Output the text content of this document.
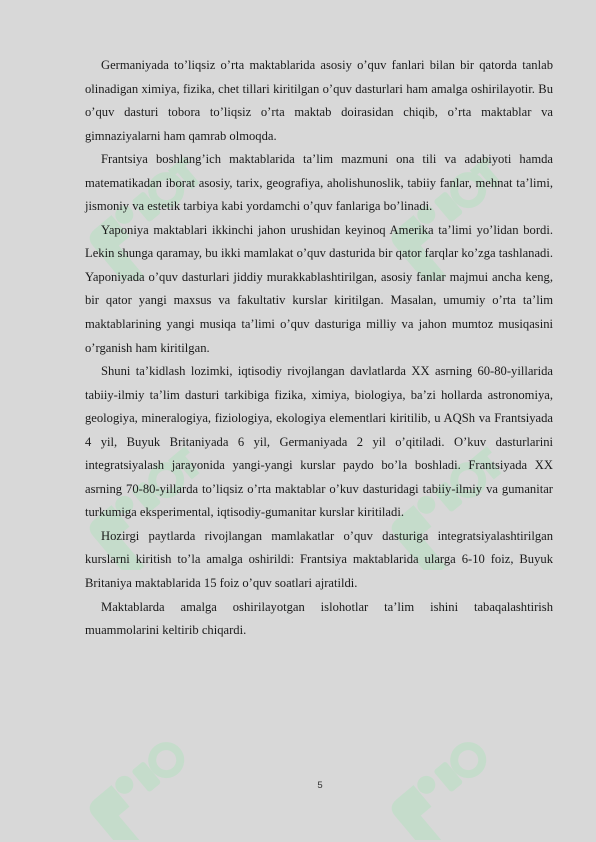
Germaniyada to’liqsiz o’rta maktablarida asosiy o’quv fanlari bilan bir qatorda tanlab olinadigan ximiya, fizika, chet tillari kiritilgan o’quv dasturlari ham amalga oshirilayotir. Bu o’quv dasturi tobora to’liqsiz o’rta maktab doirasidan chiqib, o’rta maktablar va gimnaziyalarni ham qamrab olmoqda.

Frantsiya boshlang’ich maktablarida ta’lim mazmuni ona tili va adabiyoti hamda matematikadan iborat asosiy, tarix, geografiya, aholishunoslik, tabiiy fanlar, mehnat ta’limi, jismoniy va estetik tarbiya kabi yordamchi o’quv fanlariga bo’linadi.

Yaponiya maktablari ikkinchi jahon urushidan keyinoq Amerika ta’limi yo’lidan bordi. Lekin shunga qaramay, bu ikki mamlakat o’quv dasturida bir qator farqlar ko’zga tashlanadi. Yaponiyada o’quv dasturlari jiddiy murakkablashtirilgan, asosiy fanlar majmui ancha keng, bir qator yangi maxsus va fakultativ kurslar kiritilgan. Masalan, umumiy o’rta ta’lim maktablarining yangi musiqa ta’limi o’quv dasturiga milliy va jahon mumtoz musiqasini o’rganish ham kiritilgan.

Shuni ta’kidlash lozimki, iqtisodiy rivojlangan davlatlarda XX asrning 60-80-yillarida tabiiy-ilmiy ta’lim dasturi tarkibiga fizika, ximiya, biologiya, ba’zi hollarda astronomiya, geologiya, mineralogiya, fiziologiya, ekologiya elementlari kiritilib, u AQSh va Frantsiyada 4 yil, Buyuk Britaniyada 6 yil, Germaniyada 2 yil o’qitiladi. O’kuv dasturlarini integratsiyalash jarayonida yangi-yangi kurslar paydo bo’la boshladi. Frantsiyada XX asrning 70-80-yillarda to’liqsiz o’rta maktablar o’kuv dasturidagi tabiiy-ilmiy va gumanitar turkumiga eksperimental, iqtisodiy-gumanitar kurslar kiritiladi.

Hozirgi paytlarda rivojlangan mamlakatlar o’quv dasturiga integratsiyalashtirilgan kurslarni kiritish to’la amalga oshirildi: Frantsiya maktablarida ularga 6-10 foiz, Buyuk Britaniya maktablarida 15 foiz o’quv soatlari ajratildi.

Maktablarda amalga oshirilayotgan islohotlar ta’lim ishini tabaqalashtirish muammolarini keltirib chiqardi.

5
